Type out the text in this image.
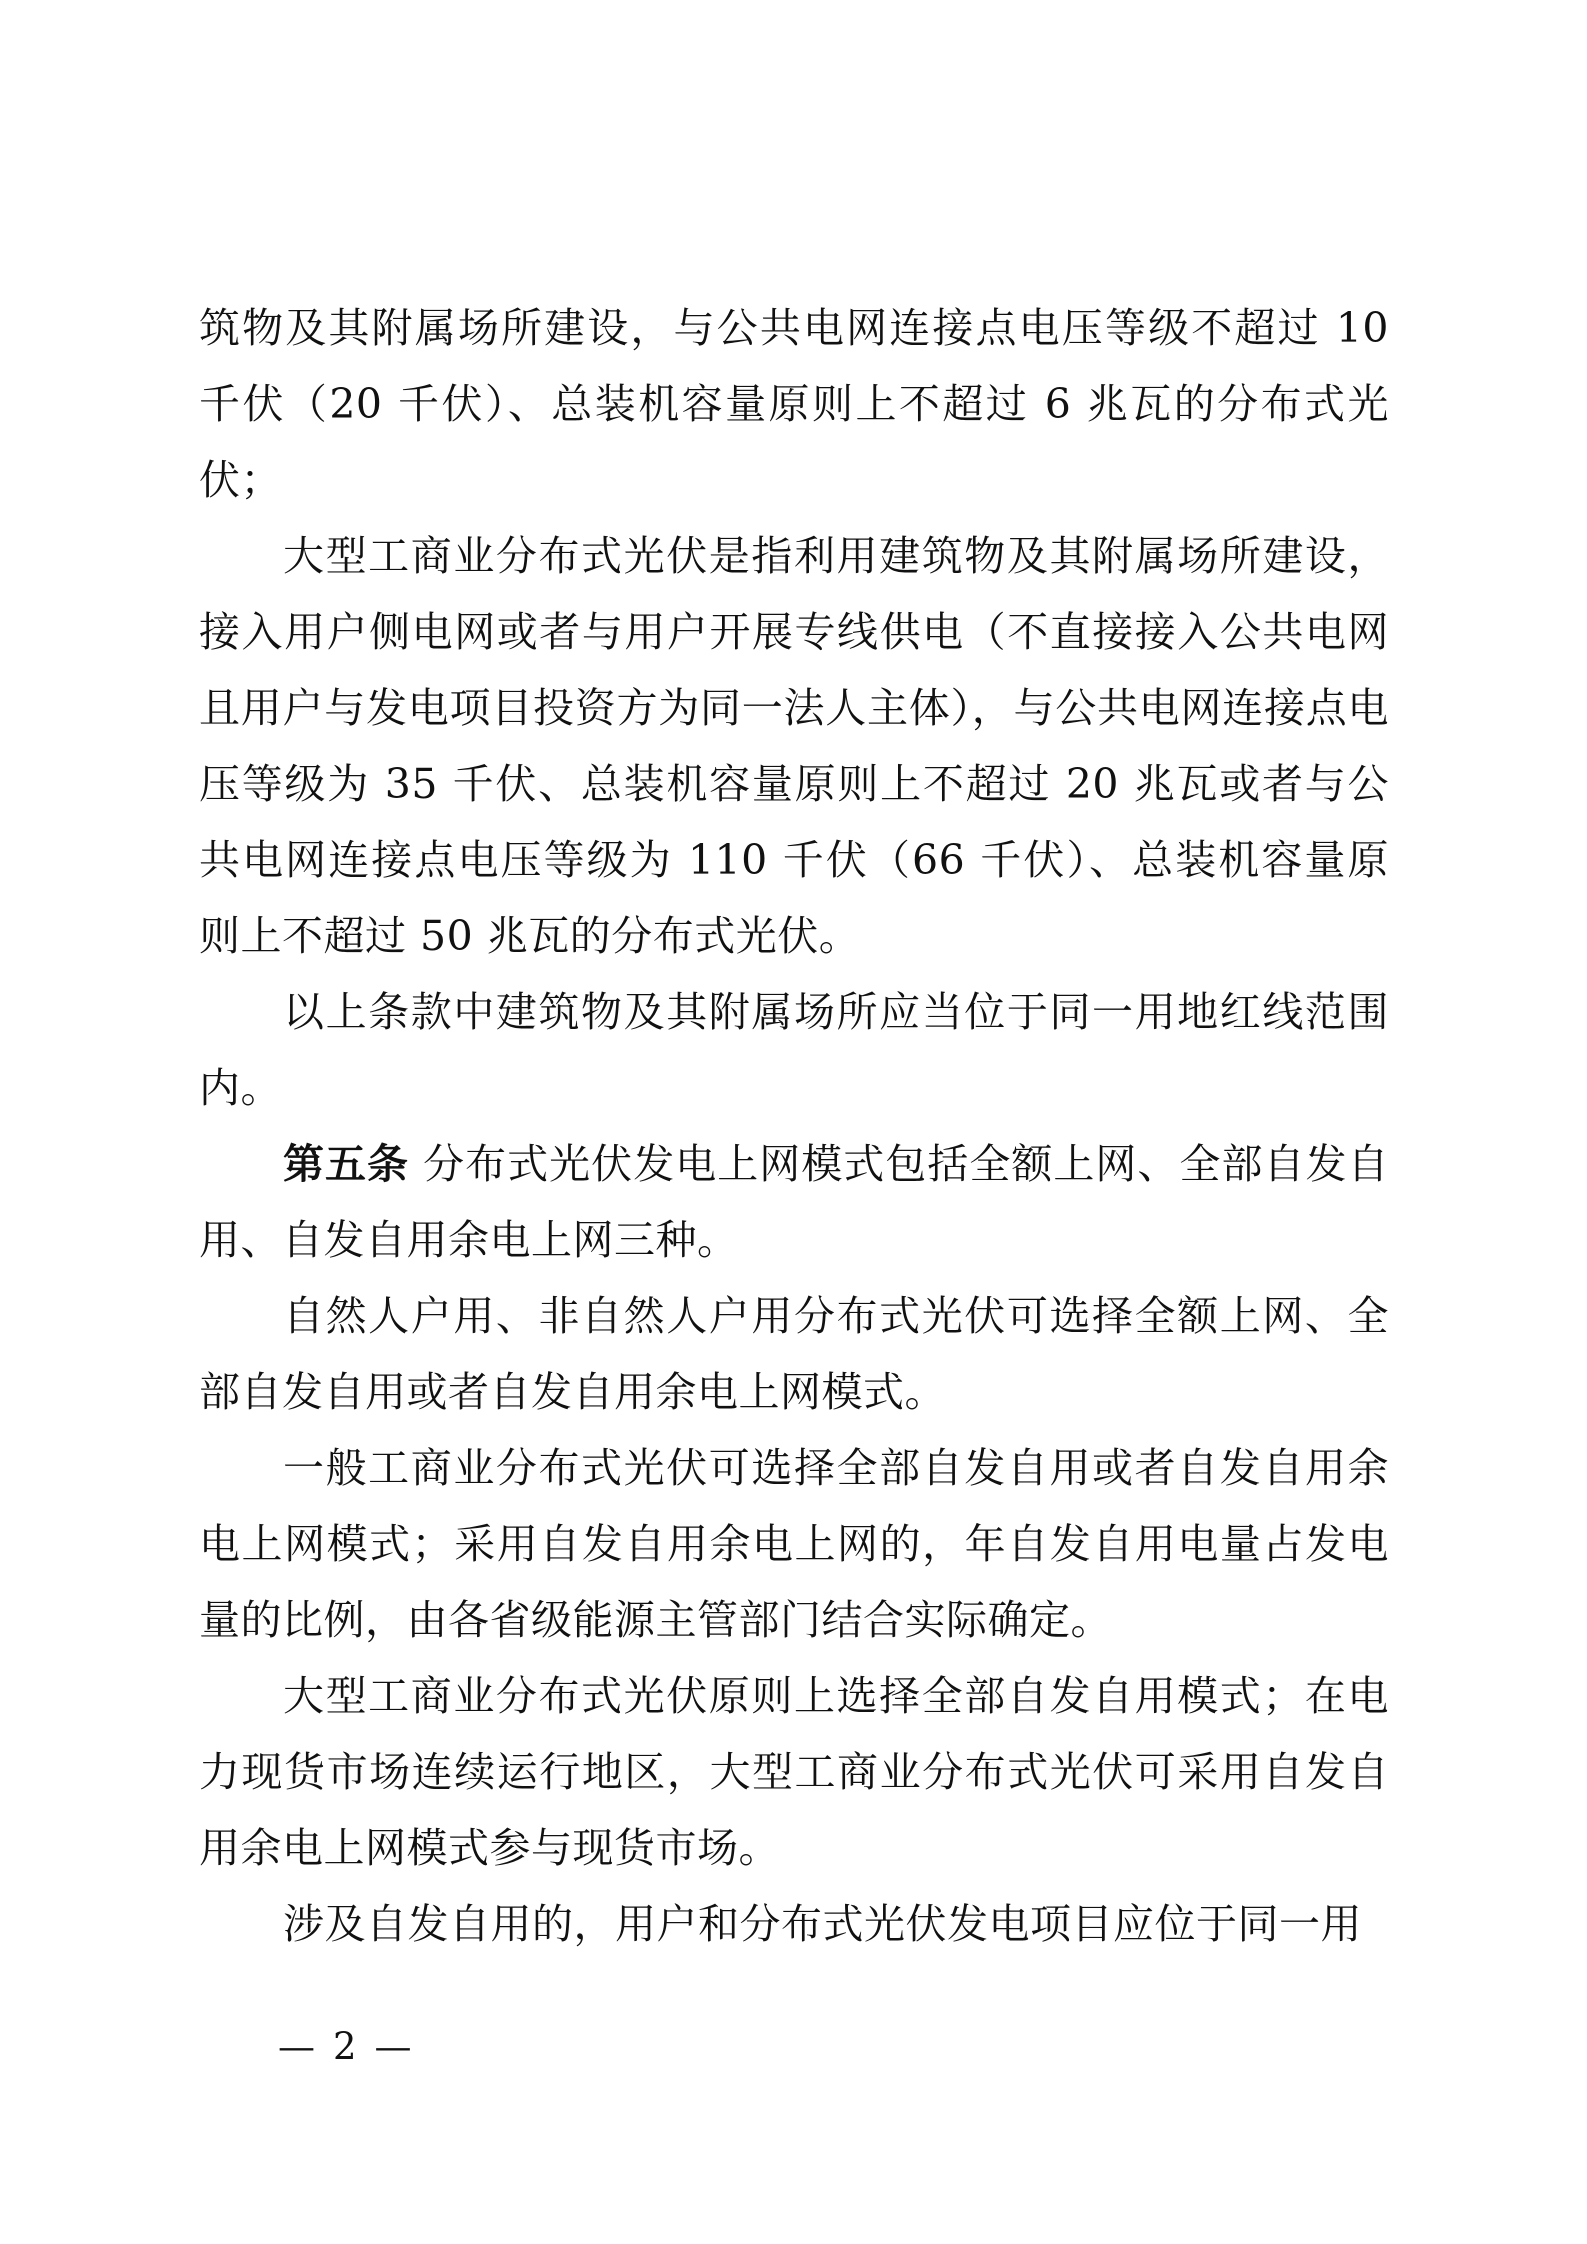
筑物及其附属场所建设，与公共电网连接点电压等级不超过 10 千伏（20 千伏）、总装机容量原则上不超过 6 兆瓦的分布式光伏；

大型工商业分布式光伏是指利用建筑物及其附属场所建设，接入用户侧电网或者与用户开展专线供电（不直接接入公共电网且用户与发电项目投资方为同一法人主体），与公共电网连接点电压等级为 35 千伏、总装机容量原则上不超过 20 兆瓦或者与公共电网连接点电压等级为 110 千伏（66 千伏）、总装机容量原则上不超过 50 兆瓦的分布式光伏。

以上条款中建筑物及其附属场所应当位于同一用地红线范围内。

第五条 分布式光伏发电上网模式包括全额上网、全部自发自用、自发自用余电上网三种。

自然人户用、非自然人户用分布式光伏可选择全额上网、全部自发自用或者自发自用余电上网模式。

一般工商业分布式光伏可选择全部自发自用或者自发自用余电上网模式；采用自发自用余电上网的，年自发自用电量占发电量的比例，由各省级能源主管部门结合实际确定。

大型工商业分布式光伏原则上选择全部自发自用模式；在电力现货市场连续运行地区，大型工商业分布式光伏可采用自发自用余电上网模式参与现货市场。

涉及自发自用的，用户和分布式光伏发电项目应位于同一用

— 2 —
